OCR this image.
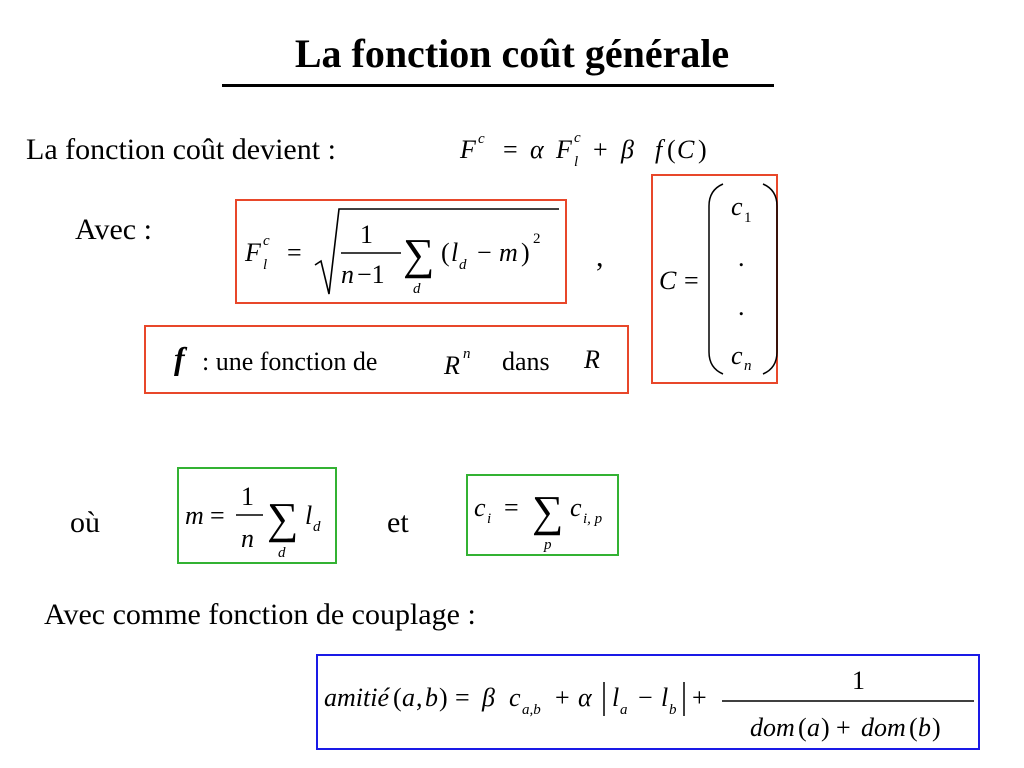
La fonction coût générale
La fonction coût devient :	F c = α F c
l + β f ( C )
Avec :
F c
l =
1
n −1 ∑
d
( l d − m ) 2
,
C =
c 1
.
.
c n
f : une fonction de	R n dans R
où	m =
1
n ∑
d
l d et	c i = ∑
p
c i, p
Avec comme fonction de couplage :
amitié ( a , b ) = β c a,b + α l a − l b +
1
dom ( a ) + dom ( b )
